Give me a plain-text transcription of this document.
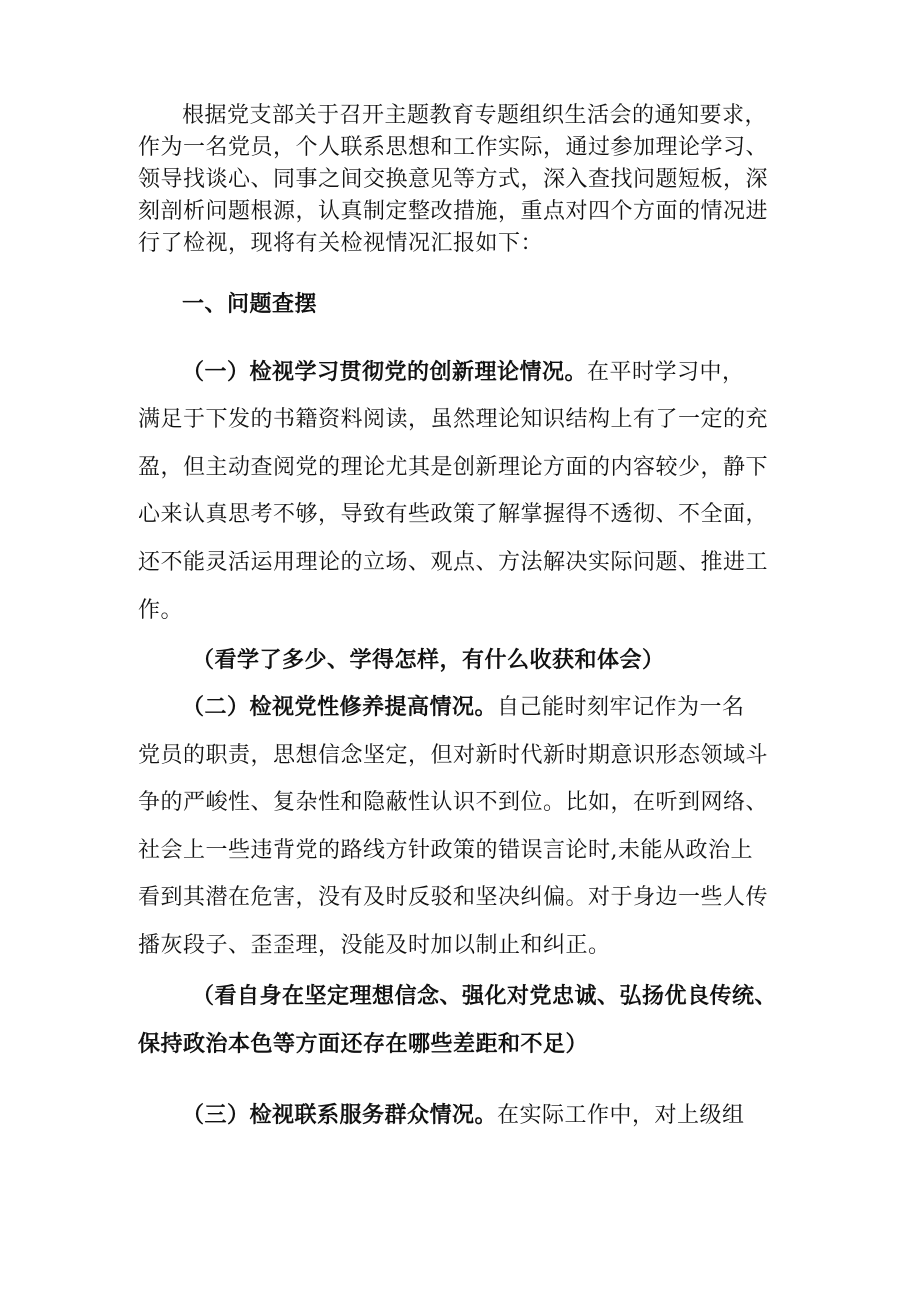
根据党支部关于召开主题教育专题组织生活会的通知要求，
作为一名党员，个人联系思想和工作实际，通过参加理论学习、
领导找谈心、同事之间交换意见等方式，深入查找问题短板，深
刻剖析问题根源，认真制定整改措施，重点对四个方面的情况进
行了检视，现将有关检视情况汇报如下：
一、问题查摆
（一）检视学习贯彻党的创新理论情况。在平时学习中，
满足于下发的书籍资料阅读，虽然理论知识结构上有了一定的充
盈，但主动查阅党的理论尤其是创新理论方面的内容较少，静下
心来认真思考不够，导致有些政策了解掌握得不透彻、不全面，
还不能灵活运用理论的立场、观点、方法解决实际问题、推进工
作。
（看学了多少、学得怎样，有什么收获和体会）
（二）检视党性修养提高情况。自己能时刻牢记作为一名
党员的职责，思想信念坚定，但对新时代新时期意识形态领域斗
争的严峻性、复杂性和隐蔽性认识不到位。比如，在听到网络、
社会上一些违背党的路线方针政策的错误言论时,未能从政治上
看到其潜在危害，没有及时反驳和坚决纠偏。对于身边一些人传
播灰段子、歪歪理，没能及时加以制止和纠正。
（看自身在坚定理想信念、强化对党忠诚、弘扬优良传统、
保持政治本色等方面还存在哪些差距和不足）
（三）检视联系服务群众情况。在实际工作中，对上级组
